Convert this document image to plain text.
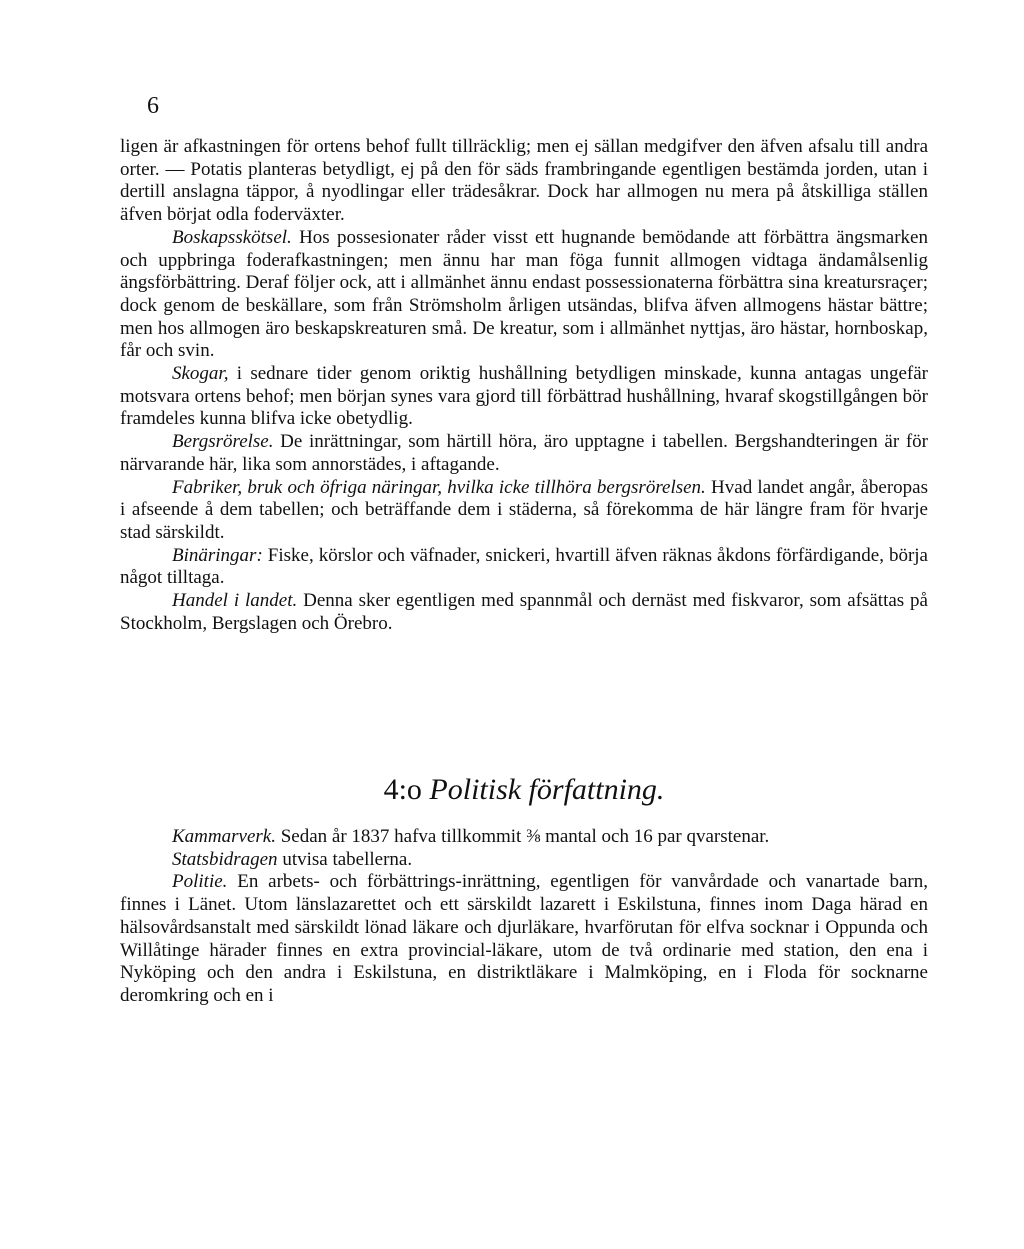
6

ligen är afkastningen för ortens behof fullt tillräcklig; men ej sällan medgifver den äfven afsalu till andra orter. — Potatis planteras betydligt, ej på den för säds frambringande egentligen bestämda jorden, utan i dertill anslagna täppor, å nyodlingar eller trädesåkrar. Dock har allmogen nu mera på åtskilliga ställen äfven börjat odla foderväxter.

Boskapsskötsel. Hos possesionater råder visst ett hugnande bemödande att förbättra ängsmarken och uppbringa foderafkastningen; men ännu har man föga funnit allmogen vidtaga ändamålsenlig ängsförbättring. Deraf följer ock, att i allmänhet ännu endast possessionaterna förbättra sina kreatursraçer; dock genom de beskällare, som från Strömsholm årligen utsändas, blifva äfven allmogens hästar bättre; men hos allmogen äro beskapskreaturen små. De kreatur, som i allmänhet nyttjas, äro hästar, hornboskap, får och svin.

Skogar, i sednare tider genom oriktig hushållning betydligen minskade, kunna antagas ungefär motsvara ortens behof; men början synes vara gjord till förbättrad hushållning, hvaraf skogstillgången bör framdeles kunna blifva icke obetydlig.

Bergsrörelse. De inrättningar, som härtill höra, äro upptagne i tabellen. Bergshandteringen är för närvarande här, lika som annorstädes, i aftagande.

Fabriker, bruk och öfriga näringar, hvilka icke tillhöra bergsrörelsen. Hvad landet angår, åberopas i afseende å dem tabellen; och beträffande dem i städerna, så förekomma de här längre fram för hvarje stad särskildt.

Binäringar: Fiske, körslor och väfnader, snickeri, hvartill äfven räknas åkdons förfärdigande, börja något tilltaga.

Handel i landet. Denna sker egentligen med spannmål och dernäst med fiskvaror, som afsättas på Stockholm, Bergslagen och Örebro.

4:o Politisk författning.

Kammarverk. Sedan år 1837 hafva tillkommit ⅜ mantal och 16 par qvarstenar.

Statsbidragen utvisa tabellerna.

Politie. En arbets- och förbättrings-inrättning, egentligen för vanvårdade och vanartade barn, finnes i Länet. Utom länslazarettet och ett särskildt lazarett i Eskilstuna, finnes inom Daga härad en hälsovårdsanstalt med särskildt lönad läkare och djurläkare, hvarförutan för elfva socknar i Oppunda och Willåtinge härader finnes en extra provincial-läkare, utom de två ordinarie med station, den ena i Nyköping och den andra i Eskilstuna, en distriktläkare i Malmköping, en i Floda för socknarne deromkring och en i
